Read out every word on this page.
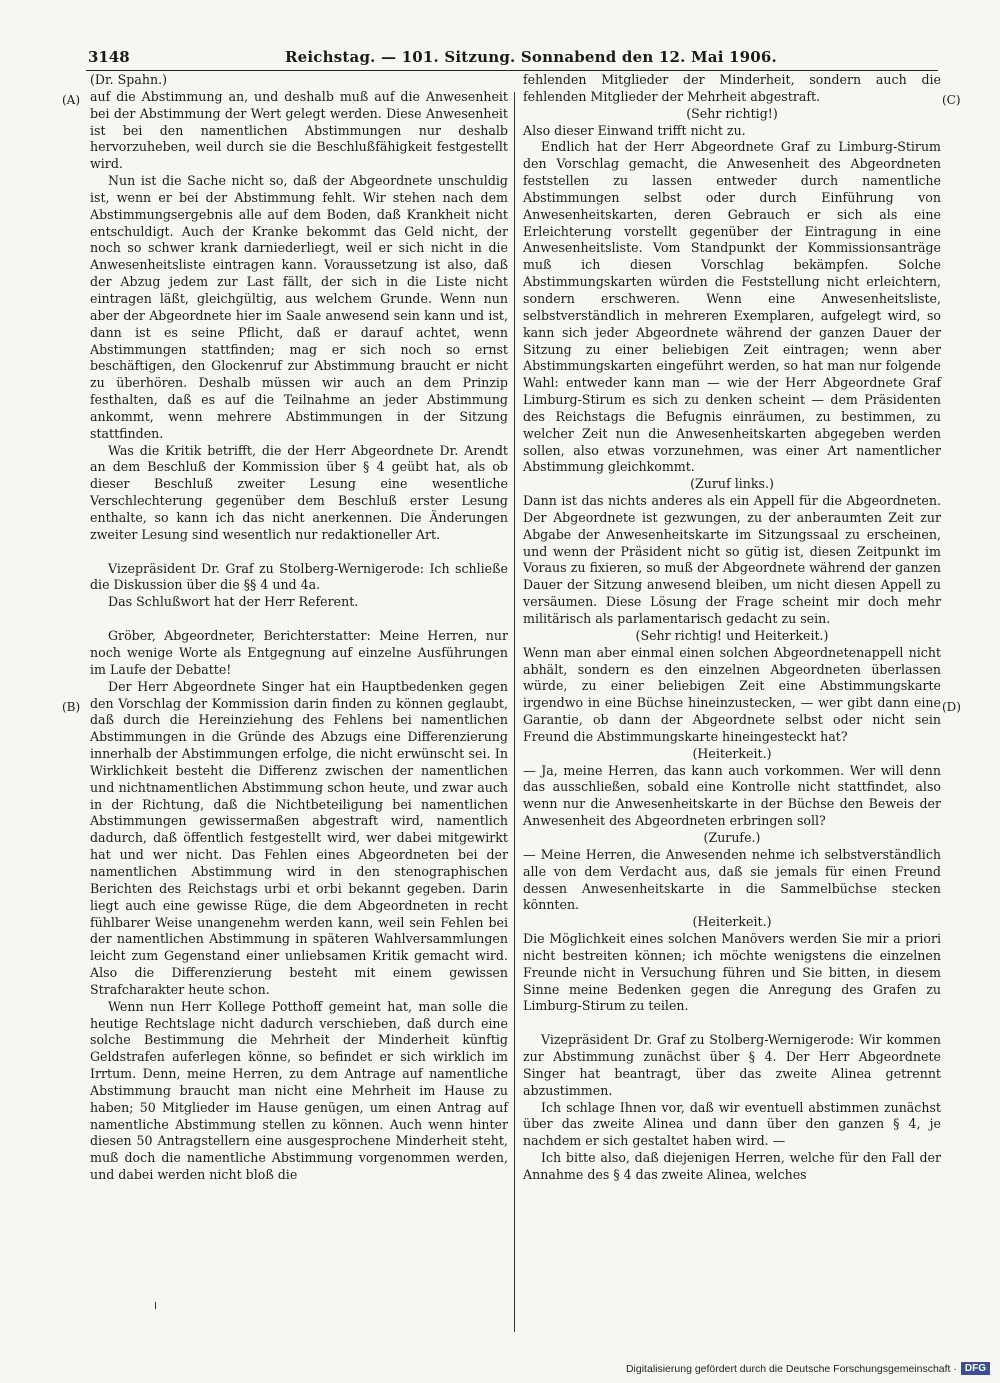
3148	Reichstag. — 101. Sitzung. Sonnabend den 12. Mai 1906.
(A)
(B)
(C)
(D)

(Dr. Spahn.)

auf die Abstimmung an, und deshalb muß auf die Anwesenheit bei der Abstimmung der Wert gelegt werden. Diese Anwesenheit ist bei den namentlichen Abstimmungen nur deshalb hervorzuheben, weil durch sie die Beschlußfähigkeit festgestellt wird.

Nun ist die Sache nicht so, daß der Abgeordnete unschuldig ist, wenn er bei der Abstimmung fehlt. Wir stehen nach dem Abstimmungsergebnis alle auf dem Boden, daß Krankheit nicht entschuldigt. Auch der Kranke bekommt das Geld nicht, der noch so schwer krank darniederliegt, weil er sich nicht in die Anwesenheitsliste eintragen kann. Voraussetzung ist also, daß der Abzug jedem zur Last fällt, der sich in die Liste nicht eintragen läßt, gleichgültig, aus welchem Grunde. Wenn nun aber der Abgeordnete hier im Saale anwesend sein kann und ist, dann ist es seine Pflicht, daß er darauf achtet, wenn Abstimmungen stattfinden; mag er sich noch so ernst beschäftigen, den Glockenruf zur Abstimmung braucht er nicht zu überhören. Deshalb müssen wir auch an dem Prinzip festhalten, daß es auf die Teilnahme an jeder Abstimmung ankommt, wenn mehrere Abstimmungen in der Sitzung stattfinden.

Was die Kritik betrifft, die der Herr Abgeordnete Dr. Arendt an dem Beschluß der Kommission über § 4 geübt hat, als ob dieser Beschluß zweiter Lesung eine wesentliche Verschlechterung gegenüber dem Beschluß erster Lesung enthalte, so kann ich das nicht anerkennen. Die Änderungen zweiter Lesung sind wesentlich nur redaktioneller Art.

Vizepräsident Dr. Graf zu Stolberg-Wernigerode: Ich schließe die Diskussion über die §§ 4 und 4a.

Das Schlußwort hat der Herr Referent.

Gröber, Abgeordneter, Berichterstatter: Meine Herren, nur noch wenige Worte als Entgegnung auf einzelne Ausführungen im Laufe der Debatte!

Der Herr Abgeordnete Singer hat ein Hauptbedenken gegen den Vorschlag der Kommission darin finden zu können geglaubt, daß durch die Hereinziehung des Fehlens bei namentlichen Abstimmungen in die Gründe des Abzugs eine Differenzierung innerhalb der Abstimmungen erfolge, die nicht erwünscht sei. In Wirklichkeit besteht die Differenz zwischen der namentlichen und nichtnamentlichen Abstimmung schon heute, und zwar auch in der Richtung, daß die Nichtbeteiligung bei namentlichen Abstimmungen gewissermaßen abgestraft wird, namentlich dadurch, daß öffentlich festgestellt wird, wer dabei mitgewirkt hat und wer nicht. Das Fehlen eines Abgeordneten bei der namentlichen Abstimmung wird in den stenographischen Berichten des Reichstags urbi et orbi bekannt gegeben. Darin liegt auch eine gewisse Rüge, die dem Abgeordneten in recht fühlbarer Weise unangenehm werden kann, weil sein Fehlen bei der namentlichen Abstimmung in späteren Wahlversammlungen leicht zum Gegenstand einer unliebsamen Kritik gemacht wird. Also die Differenzierung besteht mit einem gewissen Strafcharakter heute schon.

Wenn nun Herr Kollege Potthoff gemeint hat, man solle die heutige Rechtslage nicht dadurch verschieben, daß durch eine solche Bestimmung die Mehrheit der Minderheit künftig Geldstrafen auferlegen könne, so befindet er sich wirklich im Irrtum. Denn, meine Herren, zu dem Antrage auf namentliche Abstimmung braucht man nicht eine Mehrheit im Hause zu haben; 50 Mitglieder im Hause genügen, um einen Antrag auf namentliche Abstimmung stellen zu können. Auch wenn hinter diesen 50 Antragstellern eine ausgesprochene Minderheit steht, muß doch die namentliche Abstimmung vorgenommen werden, und dabei werden nicht bloß die

fehlenden Mitglieder der Minderheit, sondern auch die fehlenden Mitglieder der Mehrheit abgestraft.

(Sehr richtig!)

Also dieser Einwand trifft nicht zu.

Endlich hat der Herr Abgeordnete Graf zu Limburg-Stirum den Vorschlag gemacht, die Anwesenheit des Abgeordneten feststellen zu lassen entweder durch namentliche Abstimmungen selbst oder durch Einführung von Anwesenheitskarten, deren Gebrauch er sich als eine Erleichterung vorstellt gegenüber der Eintragung in eine Anwesenheitsliste. Vom Standpunkt der Kommissionsanträge muß ich diesen Vorschlag bekämpfen. Solche Abstimmungskarten würden die Feststellung nicht erleichtern, sondern erschweren. Wenn eine Anwesenheitsliste, selbstverständlich in mehreren Exemplaren, aufgelegt wird, so kann sich jeder Abgeordnete während der ganzen Dauer der Sitzung zu einer beliebigen Zeit eintragen; wenn aber Abstimmungskarten eingeführt werden, so hat man nur folgende Wahl: entweder kann man — wie der Herr Abgeordnete Graf Limburg-Stirum es sich zu denken scheint — dem Präsidenten des Reichstags die Befugnis einräumen, zu bestimmen, zu welcher Zeit nun die Anwesenheitskarten abgegeben werden sollen, also etwas vorzunehmen, was einer Art namentlicher Abstimmung gleichkommt.

(Zuruf links.)

Dann ist das nichts anderes als ein Appell für die Abgeordneten. Der Abgeordnete ist gezwungen, zu der anberaumten Zeit zur Abgabe der Anwesenheitskarte im Sitzungssaal zu erscheinen, und wenn der Präsident nicht so gütig ist, diesen Zeitpunkt im Voraus zu fixieren, so muß der Abgeordnete während der ganzen Dauer der Sitzung anwesend bleiben, um nicht diesen Appell zu versäumen. Diese Lösung der Frage scheint mir doch mehr militärisch als parlamentarisch gedacht zu sein.

(Sehr richtig! und Heiterkeit.)

Wenn man aber einmal einen solchen Abgeordnetenappell nicht abhält, sondern es den einzelnen Abgeordneten überlassen würde, zu einer beliebigen Zeit eine Abstimmungskarte irgendwo in eine Büchse hineinzustecken, — wer gibt dann eine Garantie, ob dann der Abgeordnete selbst oder nicht sein Freund die Abstimmungskarte hineingesteckt hat?

(Heiterkeit.)

— Ja, meine Herren, das kann auch vorkommen. Wer will denn das ausschließen, sobald eine Kontrolle nicht stattfindet, also wenn nur die Anwesenheitskarte in der Büchse den Beweis der Anwesenheit des Abgeordneten erbringen soll?

(Zurufe.)

— Meine Herren, die Anwesenden nehme ich selbstverständlich alle von dem Verdacht aus, daß sie jemals für einen Freund dessen Anwesenheitskarte in die Sammelbüchse stecken könnten.

(Heiterkeit.)

Die Möglichkeit eines solchen Manövers werden Sie mir a priori nicht bestreiten können; ich möchte wenigstens die einzelnen Freunde nicht in Versuchung führen und Sie bitten, in diesem Sinne meine Bedenken gegen die Anregung des Grafen zu Limburg-Stirum zu teilen.

Vizepräsident Dr. Graf zu Stolberg-Wernigerode: Wir kommen zur Abstimmung zunächst über § 4. Der Herr Abgeordnete Singer hat beantragt, über das zweite Alinea getrennt abzustimmen.

Ich schlage Ihnen vor, daß wir eventuell abstimmen zunächst über das zweite Alinea und dann über den ganzen § 4, je nachdem er sich gestaltet haben wird. —

Ich bitte also, daß diejenigen Herren, welche für den Fall der Annahme des § 4 das zweite Alinea, welches

Digitalisierung gefördert durch die Deutsche Forschungsgemeinschaft · DFG
